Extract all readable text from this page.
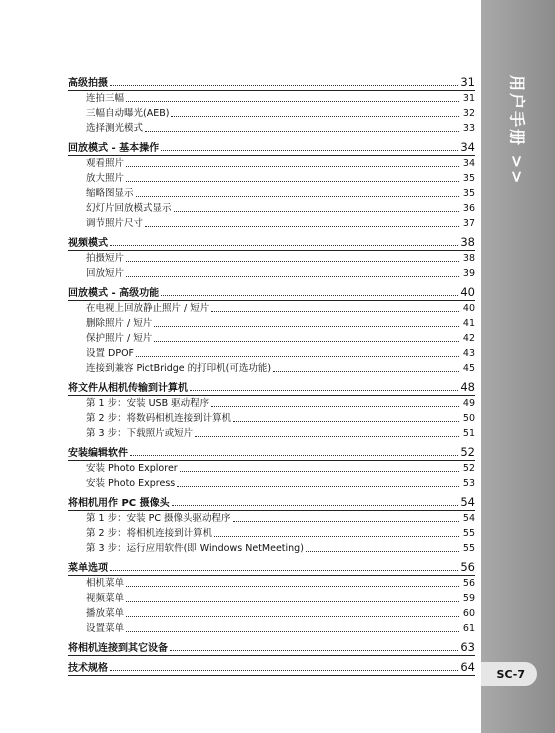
用户手册 >>
SC-7
高级拍摄	31
连拍三幅	31
三幅自动曝光(AEB)	32
选择测光模式	33
回放模式 - 基本操作	34
观看照片	34
放大照片	35
缩略图显示	35
幻灯片回放模式显示	36
调节照片尺寸	37
视频模式	38
拍摄短片	38
回放短片	39
回放模式 - 高级功能	40
在电视上回放静止照片 / 短片	40
删除照片 / 短片	41
保护照片 / 短片	42
设置 DPOF	43
连接到兼容 PictBridge 的打印机(可选功能)	45
将文件从相机传输到计算机	48
第 1 步：安装 USB 驱动程序	49
第 2 步：将数码相机连接到计算机	50
第 3 步：下载照片或短片	51
安装编辑软件	52
安装 Photo Explorer	52
安装 Photo Express	53
将相机用作 PC 摄像头	54
第 1 步：安装 PC 摄像头驱动程序	54
第 2 步：将相机连接到计算机	55
第 3 步：运行应用软件(即 Windows NetMeeting)	55
菜单选项	56
相机菜单	56
视频菜单	59
播放菜单	60
设置菜单	61
将相机连接到其它设备	63
技术规格	64
